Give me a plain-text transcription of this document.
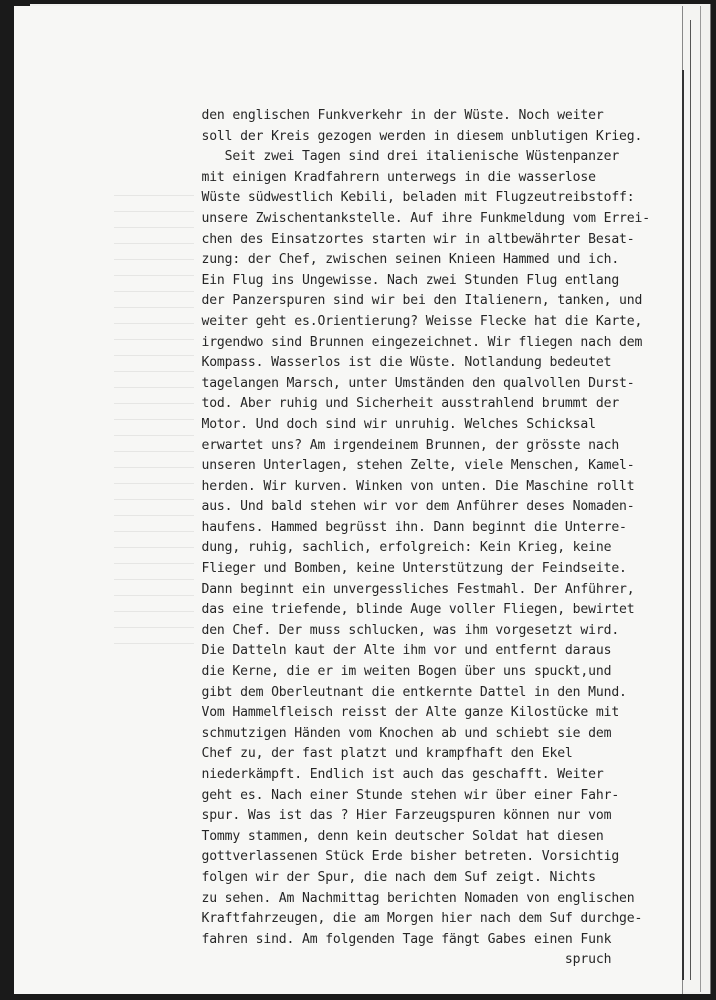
den englischen Funkverkehr in der Wüste. Noch weiter
soll der Kreis gezogen werden in diesem unblutigen Krieg.
Seit zwei Tagen sind drei italienische Wüstenpanzer
mit einigen Kradfahrern unterwegs in die wasserlose
Wüste südwestlich Kebili, beladen mit Flugzeutreibstoff:
unsere Zwischentankstelle. Auf ihre Funkmeldung vom Errei-
chen des Einsatzortes starten wir in altbewährter Besat-
zung: der Chef, zwischen seinen Knieen Hammed und ich.
Ein Flug ins Ungewisse. Nach zwei Stunden Flug entlang
der Panzerspuren sind wir bei den Italienern, tanken, und
weiter geht es.Orientierung? Weisse Flecke hat die Karte,
irgendwo sind Brunnen eingezeichnet. Wir fliegen nach dem
Kompass. Wasserlos ist die Wüste. Notlandung bedeutet
tagelangen Marsch, unter Umständen den qualvollen Durst-
tod. Aber ruhig und Sicherheit ausstrahlend brummt der
Motor. Und doch sind wir unruhig. Welches Schicksal
erwartet uns? Am irgendeinem Brunnen, der grösste nach
unseren Unterlagen, stehen Zelte, viele Menschen, Kamel-
herden. Wir kurven. Winken von unten. Die Maschine rollt
aus. Und bald stehen wir vor dem Anführer deses Nomaden-
haufens. Hammed begrüsst ihn. Dann beginnt die Unterre-
dung, ruhig, sachlich, erfolgreich: Kein Krieg, keine
Flieger und Bomben, keine Unterstützung der Feindseite.
Dann beginnt ein unvergessliches Festmahl. Der Anführer,
das eine triefende, blinde Auge voller Fliegen, bewirtet
den Chef. Der muss schlucken, was ihm vorgesetzt wird.
Die Datteln kaut der Alte ihm vor und entfernt daraus
die Kerne, die er im weiten Bogen über uns spuckt,und
gibt dem Oberleutnant die entkernte Dattel in den Mund.
Vom Hammelfleisch reisst der Alte ganze Kilostücke mit
schmutzigen Händen vom Knochen ab und schiebt sie dem
Chef zu, der fast platzt und krampfhaft den Ekel
niederkämpft. Endlich ist auch das geschafft. Weiter
geht es. Nach einer Stunde stehen wir über einer Fahr-
spur. Was ist das ? Hier Farzeugspuren können nur vom
Tommy stammen, denn kein deutscher Soldat hat diesen
gottverlassenen Stück Erde bisher betreten. Vorsichtig
folgen wir der Spur, die nach dem Suf zeigt. Nichts
zu sehen. Am Nachmittag berichten Nomaden von englischen
Kraftfahrzeugen, die am Morgen hier nach dem Suf durchge-
fahren sind. Am folgenden Tage fängt Gabes einen Funk
spruch
